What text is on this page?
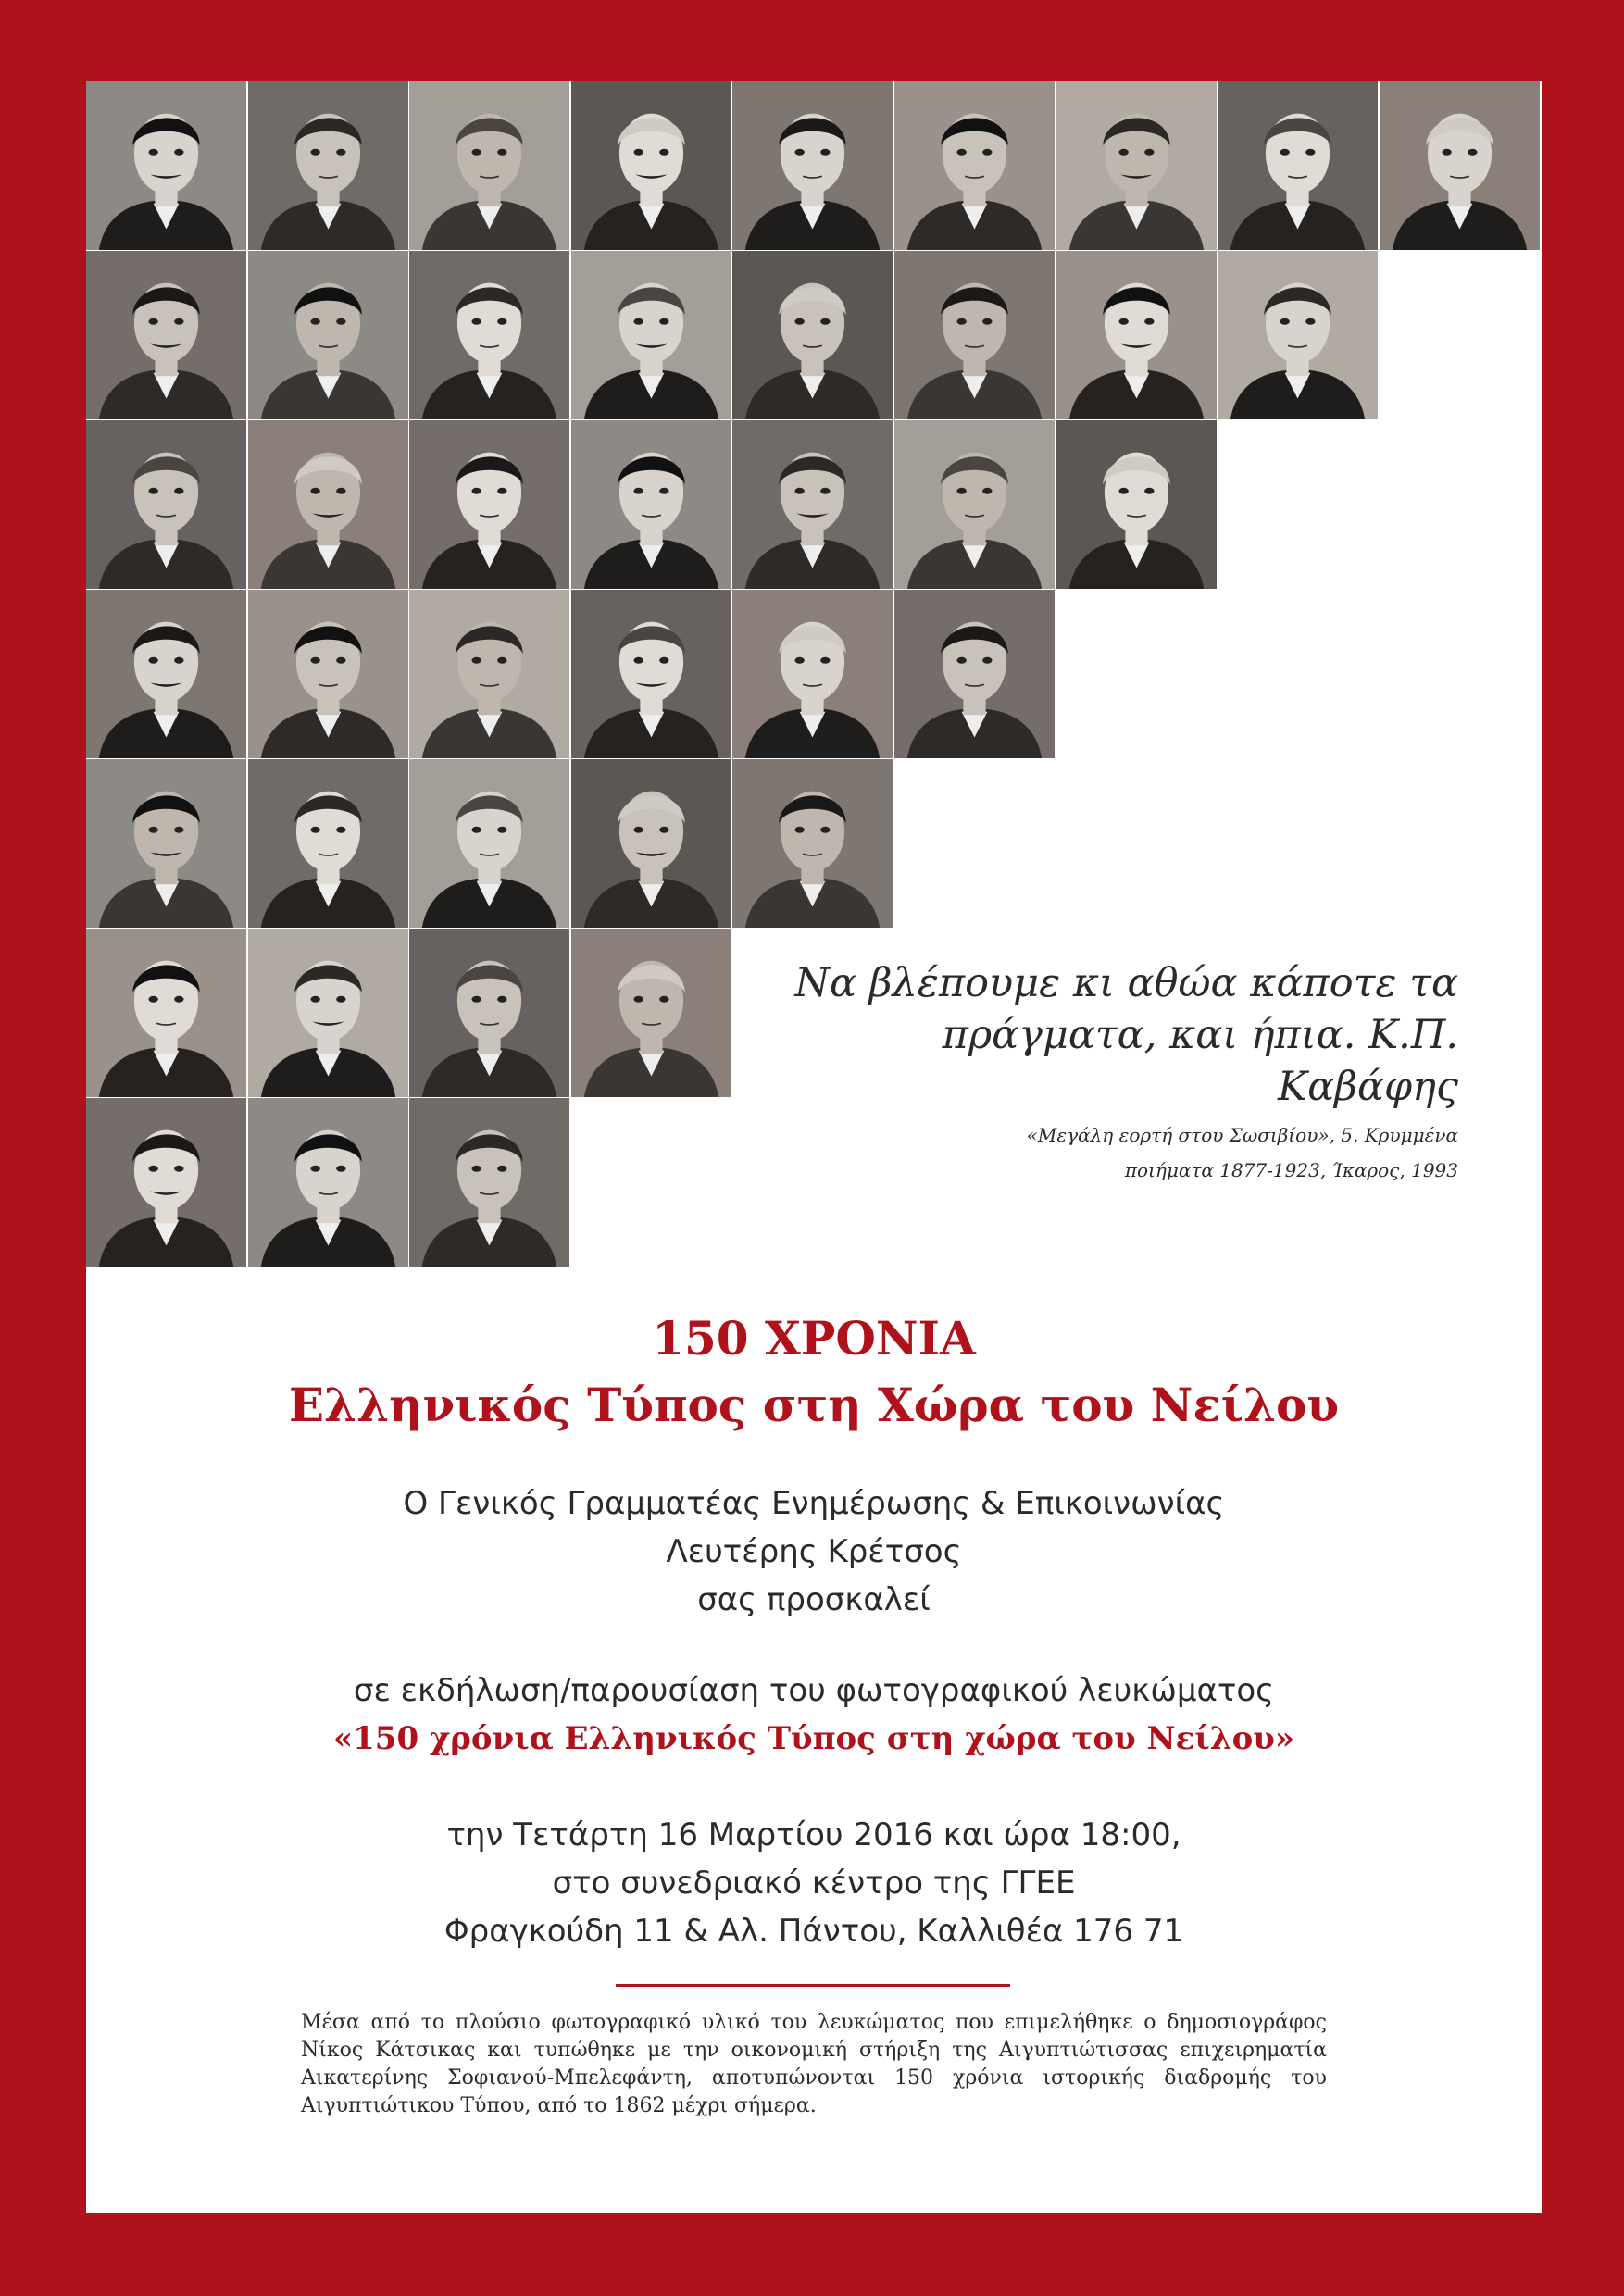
Να βλέπουμε κι αθώα κάποτε τα
πράγματα, και ήπια. Κ.Π. Καβάφης
«Μεγάλη εορτή στου Σωσιβίου», 5. Κρυμμένα
ποιήματα 1877-1923, Ίκαρος, 1993
150 ΧΡΟΝΙΑ
Ελληνικός Τύπος στη Χώρα του Νείλου
Ο Γενικός Γραμματέας Ενημέρωσης & Επικοινωνίας
Λευτέρης Κρέτσος
σας προσκαλεί
σε εκδήλωση/παρουσίαση του φωτογραφικού λευκώματος
«150 χρόνια Ελληνικός Τύπος στη χώρα του Νείλου»
την Τετάρτη 16 Μαρτίου 2016 και ώρα 18:00,
στο συνεδριακό κέντρο της ΓΓΕΕ
Φραγκούδη 11 & Αλ. Πάντου, Καλλιθέα 176 71
Μέσα από το πλούσιο φωτογραφικό υλικό του λευκώματος που επιμελήθηκε ο δημοσιογράφος Νίκος Κάτσικας και τυπώθηκε με την οικονομική στήριξη της Αιγυπτιώτισσας επιχειρηματία Αικατερίνης Σοφιανού-Μπελεφάντη, αποτυπώνονται 150 χρόνια ιστορικής διαδρομής του Αιγυπτιώτικου Τύπου, από το 1862 μέχρι σήμερα.
